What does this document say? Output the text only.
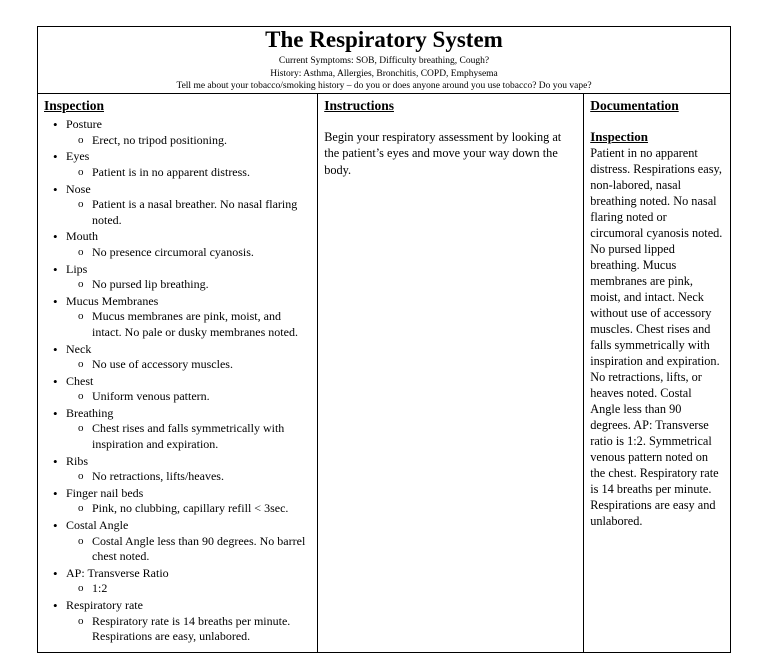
The Respiratory System
Current Symptoms: SOB, Difficulty breathing, Cough?
History: Asthma, Allergies, Bronchitis, COPD, Emphysema
Tell me about your tobacco/smoking history – do you or does anyone around you use tobacco? Do you vape?

Inspection
• Posture
o Erect, no tripod positioning.
• Eyes
o Patient is in no apparent distress.
• Nose
o Patient is a nasal breather. No nasal flaring noted.
• Mouth
o No presence circumoral cyanosis.
• Lips
o No pursed lip breathing.
• Mucus Membranes
o Mucus membranes are pink, moist, and intact. No pale or dusky membranes noted.
• Neck
o No use of accessory muscles.
• Chest
o Uniform venous pattern.
• Breathing
o Chest rises and falls symmetrically with inspiration and expiration.
• Ribs
o No retractions, lifts/heaves.
• Finger nail beds
o Pink, no clubbing, capillary refill < 3sec.
• Costal Angle
o Costal Angle less than 90 degrees. No barrel chest noted.
• AP: Transverse Ratio
o 1:2
• Respiratory rate
o Respiratory rate is 14 breaths per minute. Respirations are easy, unlabored.

Instructions
Begin your respiratory assessment by looking at the patient’s eyes and move your way down the body.

Documentation
Inspection

Patient in no apparent distress. Respirations easy, non-labored, nasal breathing noted. No nasal flaring noted or circumoral cyanosis noted. No pursed lipped breathing. Mucus membranes are pink, moist, and intact. Neck without use of accessory muscles. Chest rises and falls symmetrically with inspiration and expiration. No retractions, lifts, or heaves noted. Costal Angle less than 90 degrees. AP: Transverse ratio is 1:2. Symmetrical venous pattern noted on the chest. Respiratory rate is 14 breaths per minute. Respirations are easy and unlabored.
